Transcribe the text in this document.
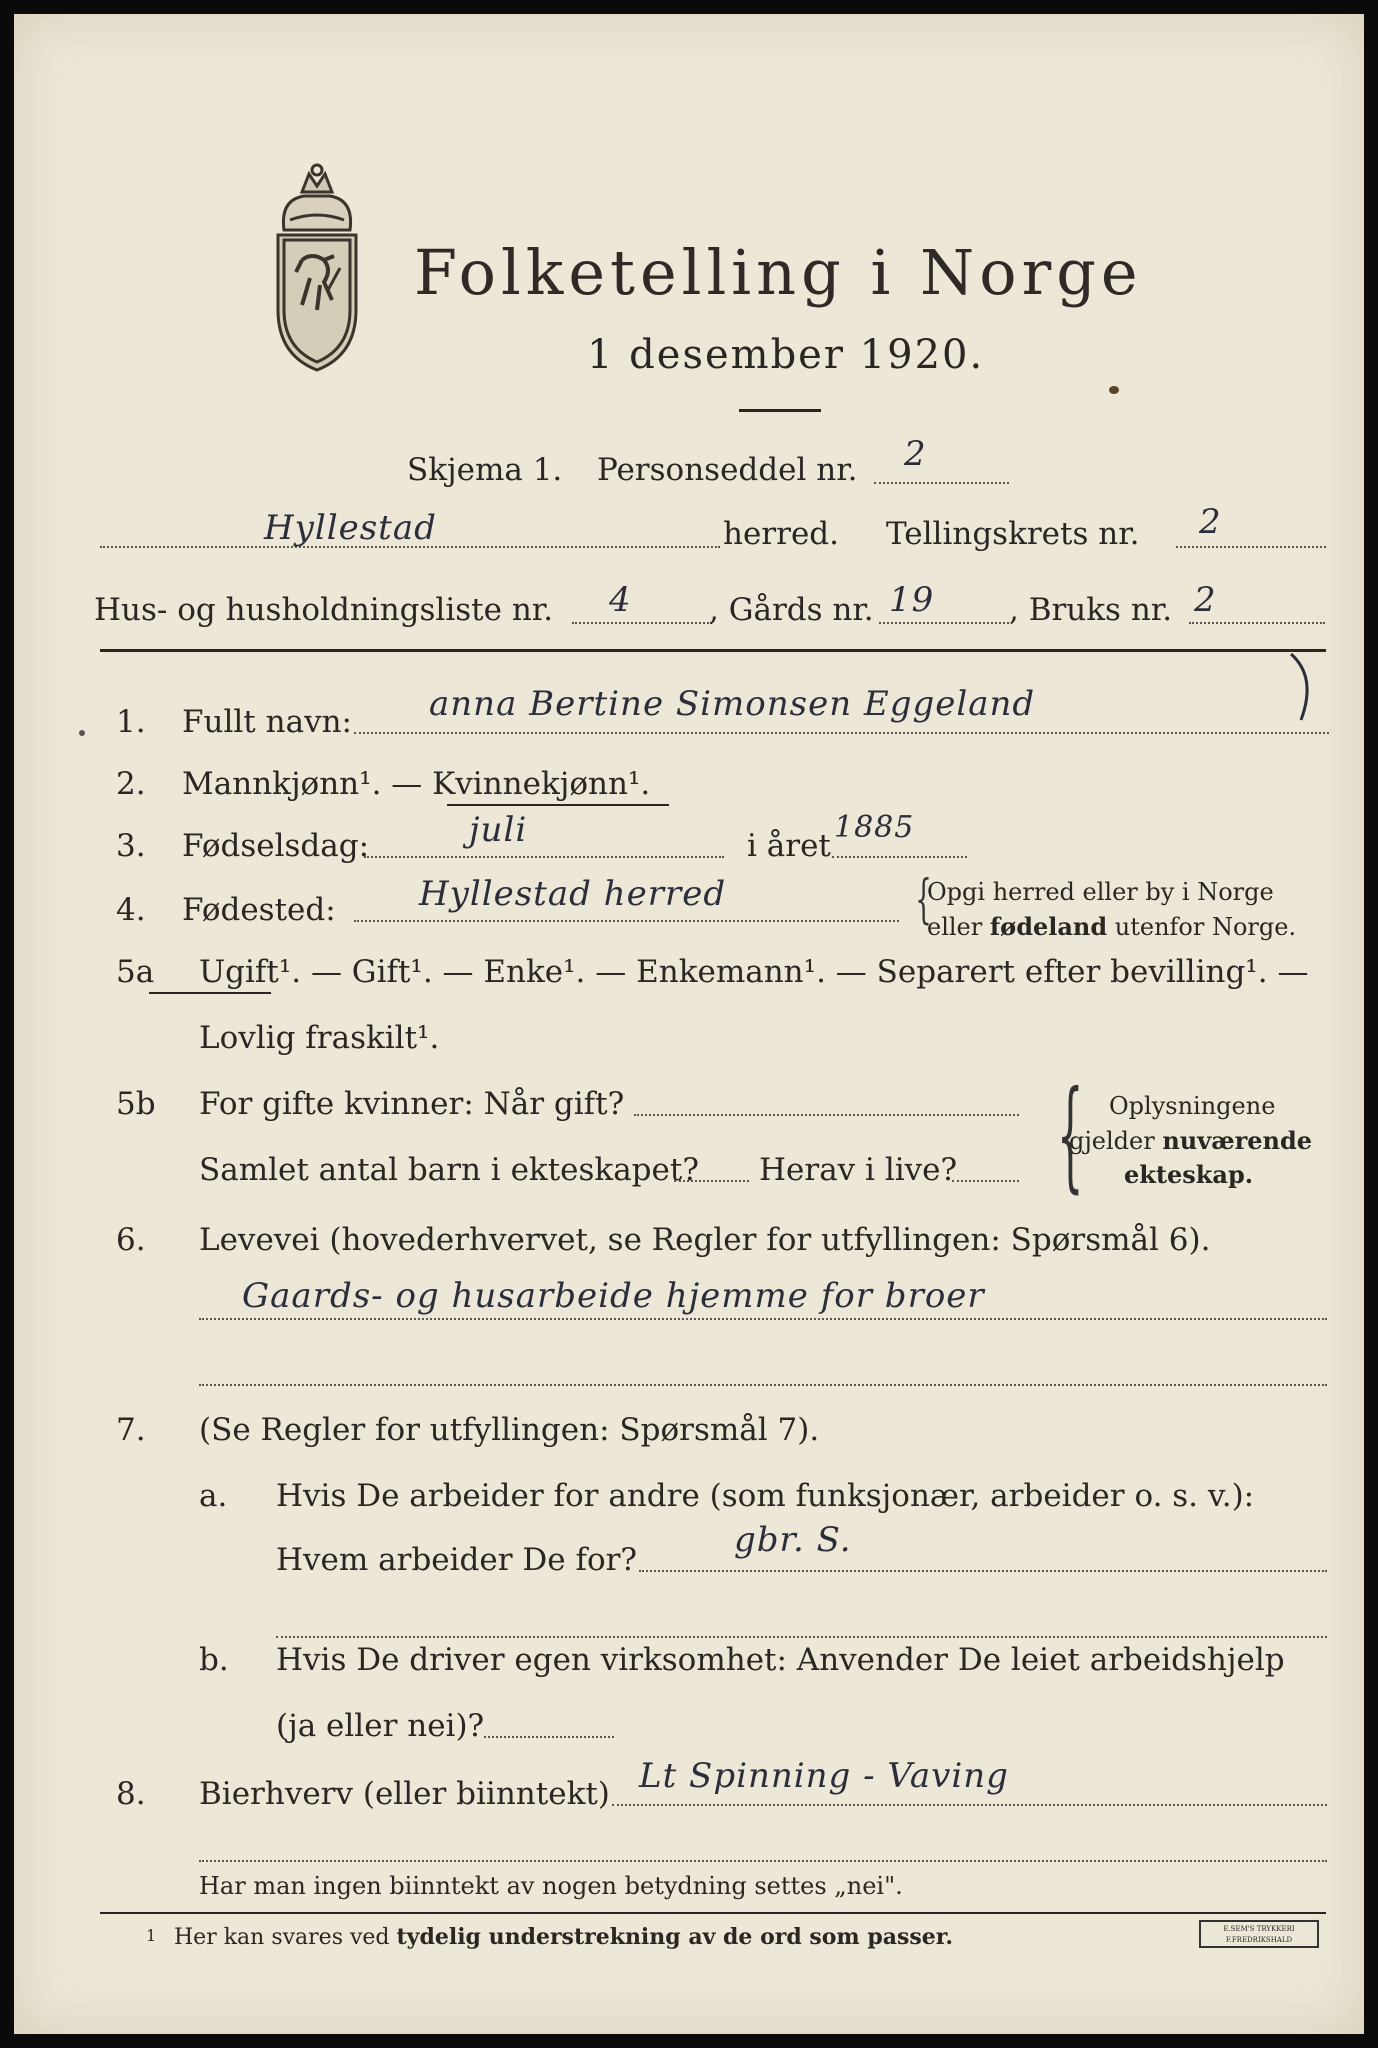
Folketelling i Norge
1 desember 1920.
Skjema 1. Personseddel nr. 2
Hyllestad	herred. Tellingskrets nr. 2
Hus- og husholdningsliste nr. 4 , Gårds nr. 19 , Bruks nr. 2
1. Fullt navn: anna Bertine Simonsen Eggeland
2. Mannkjønn¹. — Kvinnekjønn¹.
3. Fødselsdag:	juli	i året
1885
4. Fødested: Hyllestad herred	{
Opgi herred eller by i Norge
eller fødeland utenfor Norge.
5a Ugift¹. — Gift¹. — Enke¹. — Enkemann¹. — Separert efter bevilling¹. —
Lovlig fraskilt¹.
5b For gifte kvinner: Når gift?
Samlet antal barn i ekteskapet? Herav i live? { Oplysningene
gjelder nuværende
ekteskap.
6. Levevei (hovederhvervet, se Regler for utfyllingen: Spørsmål 6).
Gaards- og husarbeide hjemme for broer
7. (Se Regler for utfyllingen: Spørsmål 7).
a. Hvis De arbeider for andre (som funksjonær, arbeider o. s. v.):
Hvem arbeider De for?	gbr. S.
b. Hvis De driver egen virksomhet: Anvender De leiet arbeidshjelp
(ja eller nei)?
8. Bierhverv (eller biinntekt) Lt Spinning - Vaving
Har man ingen biinntekt av nogen betydning settes „nei".
1 Her kan svares ved tydelig understrekning av de ord som passer.	E.SEM'S TRYKKERI
F.FREDRIKSHALD
